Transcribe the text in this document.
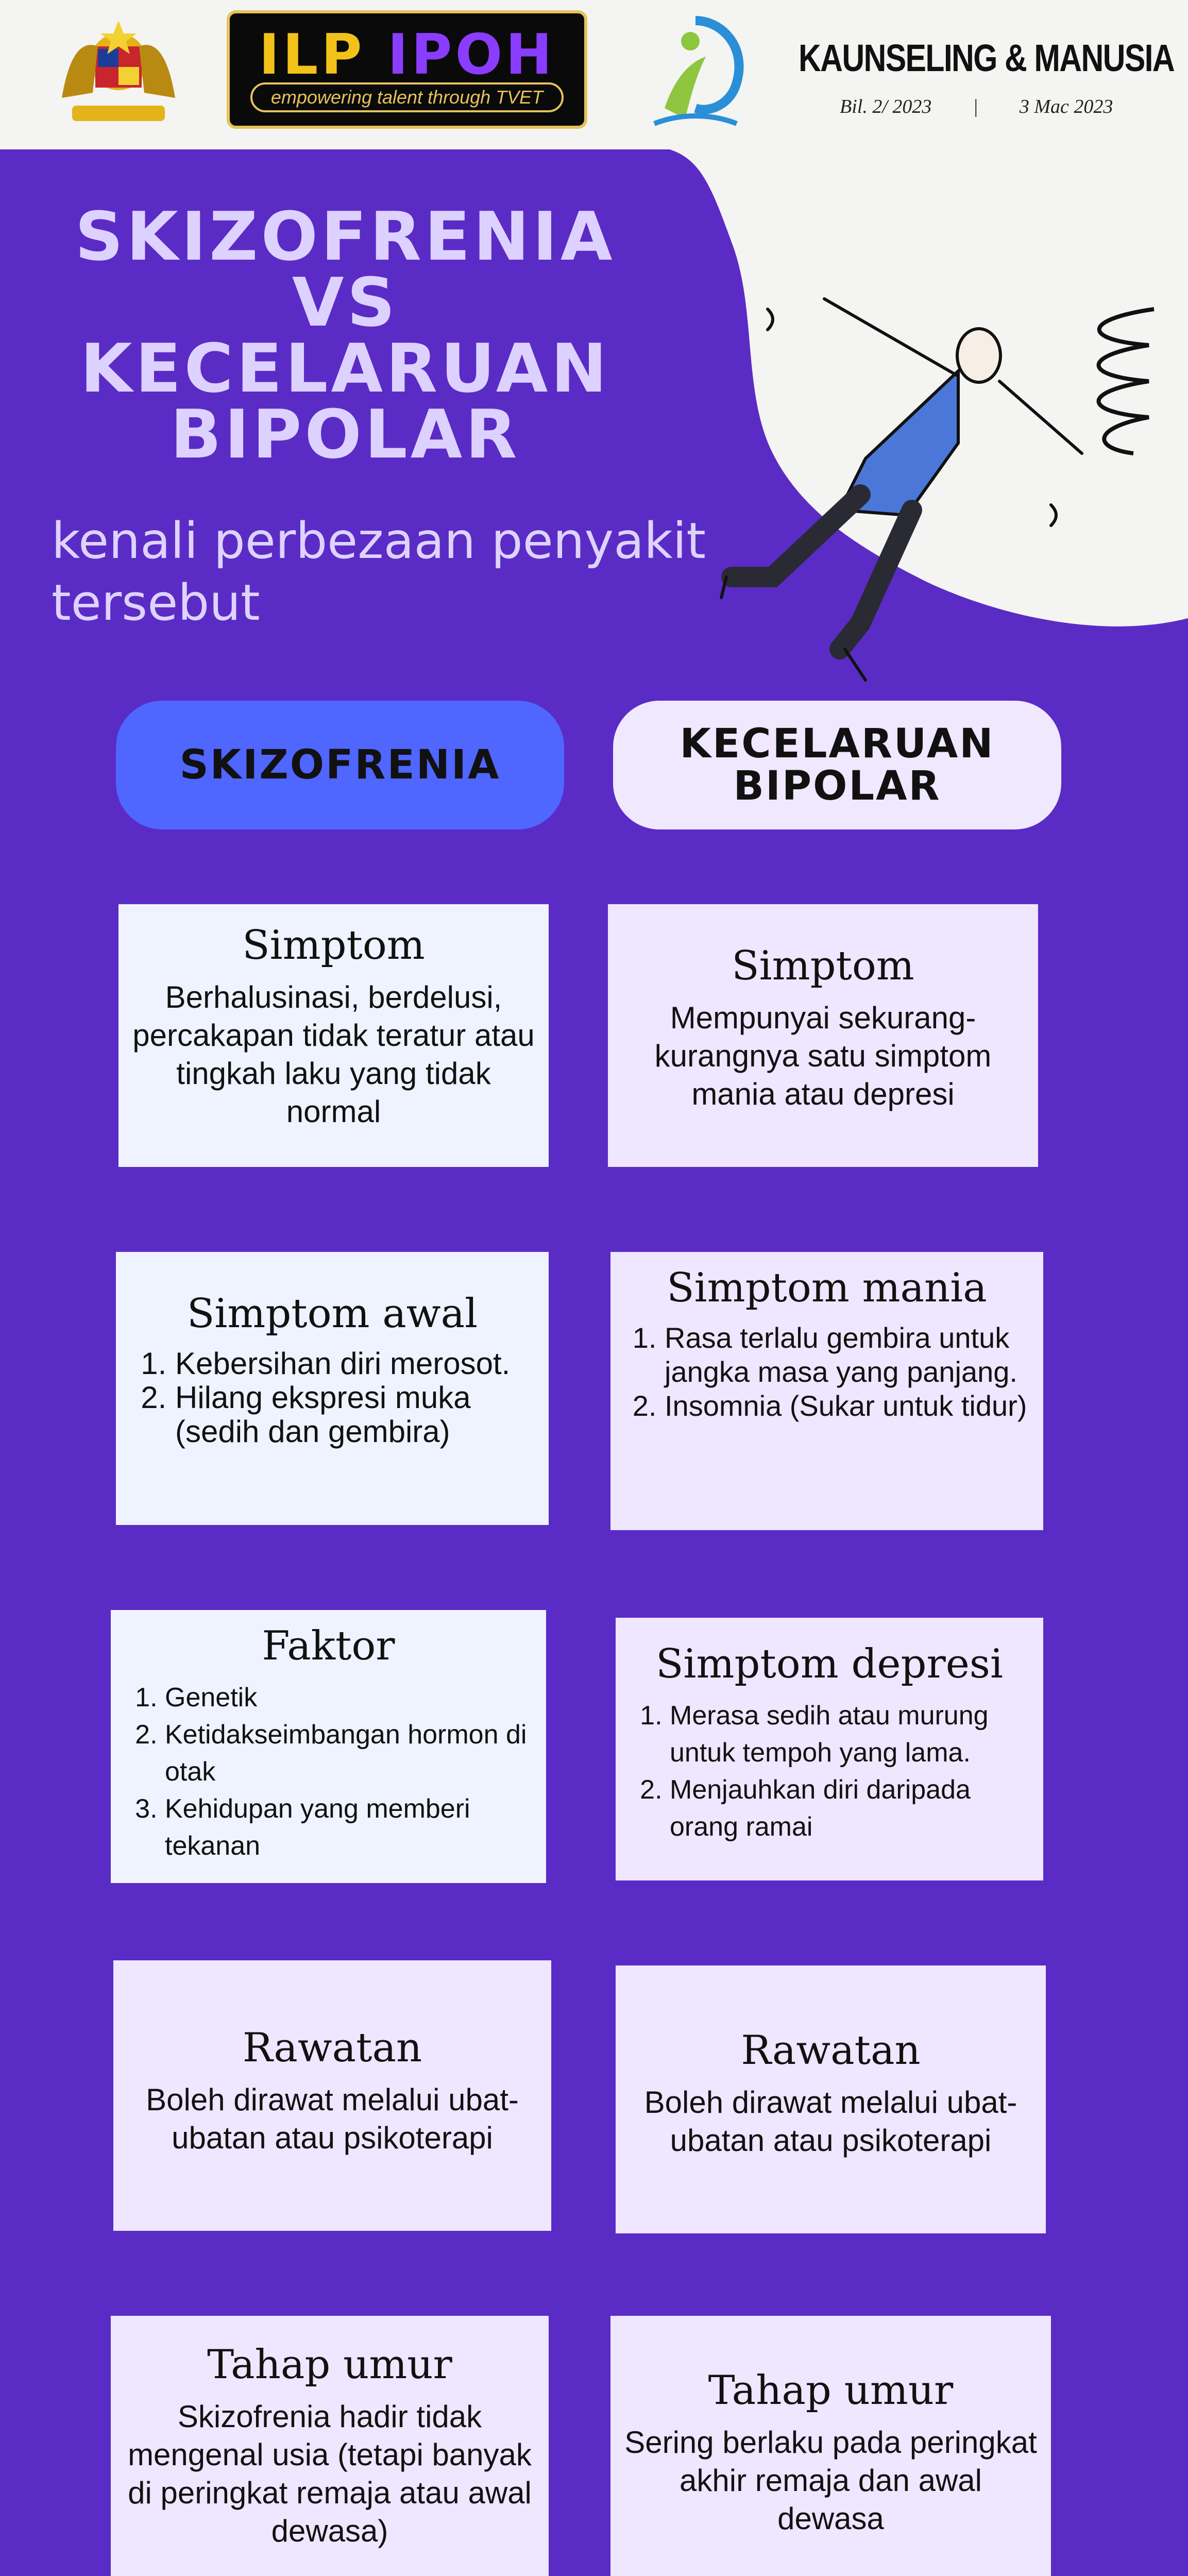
ILP IPOH
empowering talent through TVET
KAUNSELING & MANUSIA
Bil. 2/ 2023 | 3 Mac 2023
SKIZOFRENIA
VS
KECELARUAN
BIPOLAR
kenali perbezaan penyakit
tersebut
SKIZOFRENIA	KECELARUAN
BIPOLAR
Simptom

Berhalusinasi, berdelusi, percakapan tidak teratur atau tingkah laku yang tidak normal

Simptom

Mempunyai sekurang-kurangnya satu simptom mania atau depresi

Simptom awal
1. Kebersihan diri merosot.
2. Hilang ekspresi muka (sedih dan gembira)
Simptom mania
1. Rasa terlalu gembira untuk jangka masa yang panjang.
2. Insomnia (Sukar untuk tidur)
Faktor
1. Genetik
2. Ketidakseimbangan hormon di otak
3. Kehidupan yang memberi tekanan
Simptom depresi
1. Merasa sedih atau murung untuk tempoh yang lama.
2. Menjauhkan diri daripada orang ramai
Rawatan

Boleh dirawat melalui ubat-ubatan atau psikoterapi

Rawatan

Boleh dirawat melalui ubat-ubatan atau psikoterapi

Tahap umur

Skizofrenia hadir tidak mengenal usia (tetapi banyak di peringkat remaja atau awal dewasa)

Tahap umur

Sering berlaku pada peringkat akhir remaja dan awal dewasa
